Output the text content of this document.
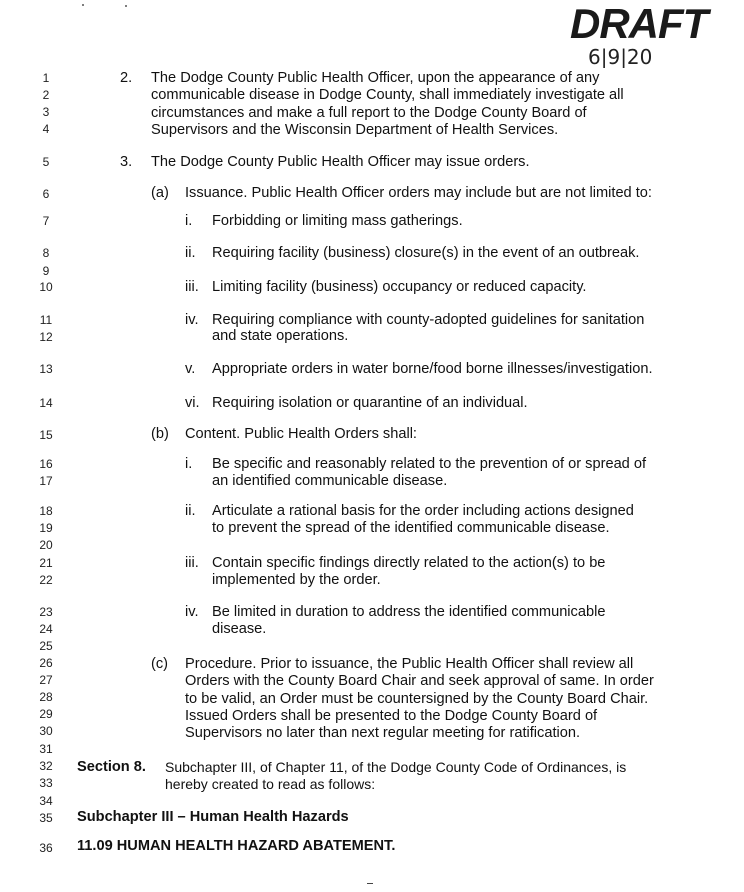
DRAFT
6|9|20
1
2
3
4
5
6
7
8
9
10
11
12
13
14
15
16
17
18
19
20
21
22
23
24
25
26
27
28
29
30
31
32
33
34
35
36
2. The Dodge County Public Health Officer, upon the appearance of any
communicable disease in Dodge County, shall immediately investigate all
circumstances and make a full report to the Dodge County Board of
Supervisors and the Wisconsin Department of Health Services.
3. The Dodge County Public Health Officer may issue orders.
(a) Issuance. Public Health Officer orders may include but are not limited to:
i. Forbidding or limiting mass gatherings.
ii. Requiring facility (business) closure(s) in the event of an outbreak.
iii. Limiting facility (business) occupancy or reduced capacity.
iv. Requiring compliance with county-adopted guidelines for sanitation
and state operations.
v. Appropriate orders in water borne/food borne illnesses/investigation.
vi. Requiring isolation or quarantine of an individual.
(b) Content. Public Health Orders shall:
i. Be specific and reasonably related to the prevention of or spread of
an identified communicable disease.
ii. Articulate a rational basis for the order including actions designed
to prevent the spread of the identified communicable disease.
iii. Contain specific findings directly related to the action(s) to be
implemented by the order.
iv. Be limited in duration to address the identified communicable
disease.
(c) Procedure. Prior to issuance, the Public Health Officer shall review all
Orders with the County Board Chair and seek approval of same. In order
to be valid, an Order must be countersigned by the County Board Chair.
Issued Orders shall be presented to the Dodge County Board of
Supervisors no later than next regular meeting for ratification.
Section 8. Subchapter III, of Chapter 11, of the Dodge County Code of Ordinances, is
hereby created to read as follows:
Subchapter III – Human Health Hazards
11.09 HUMAN HEALTH HAZARD ABATEMENT.
